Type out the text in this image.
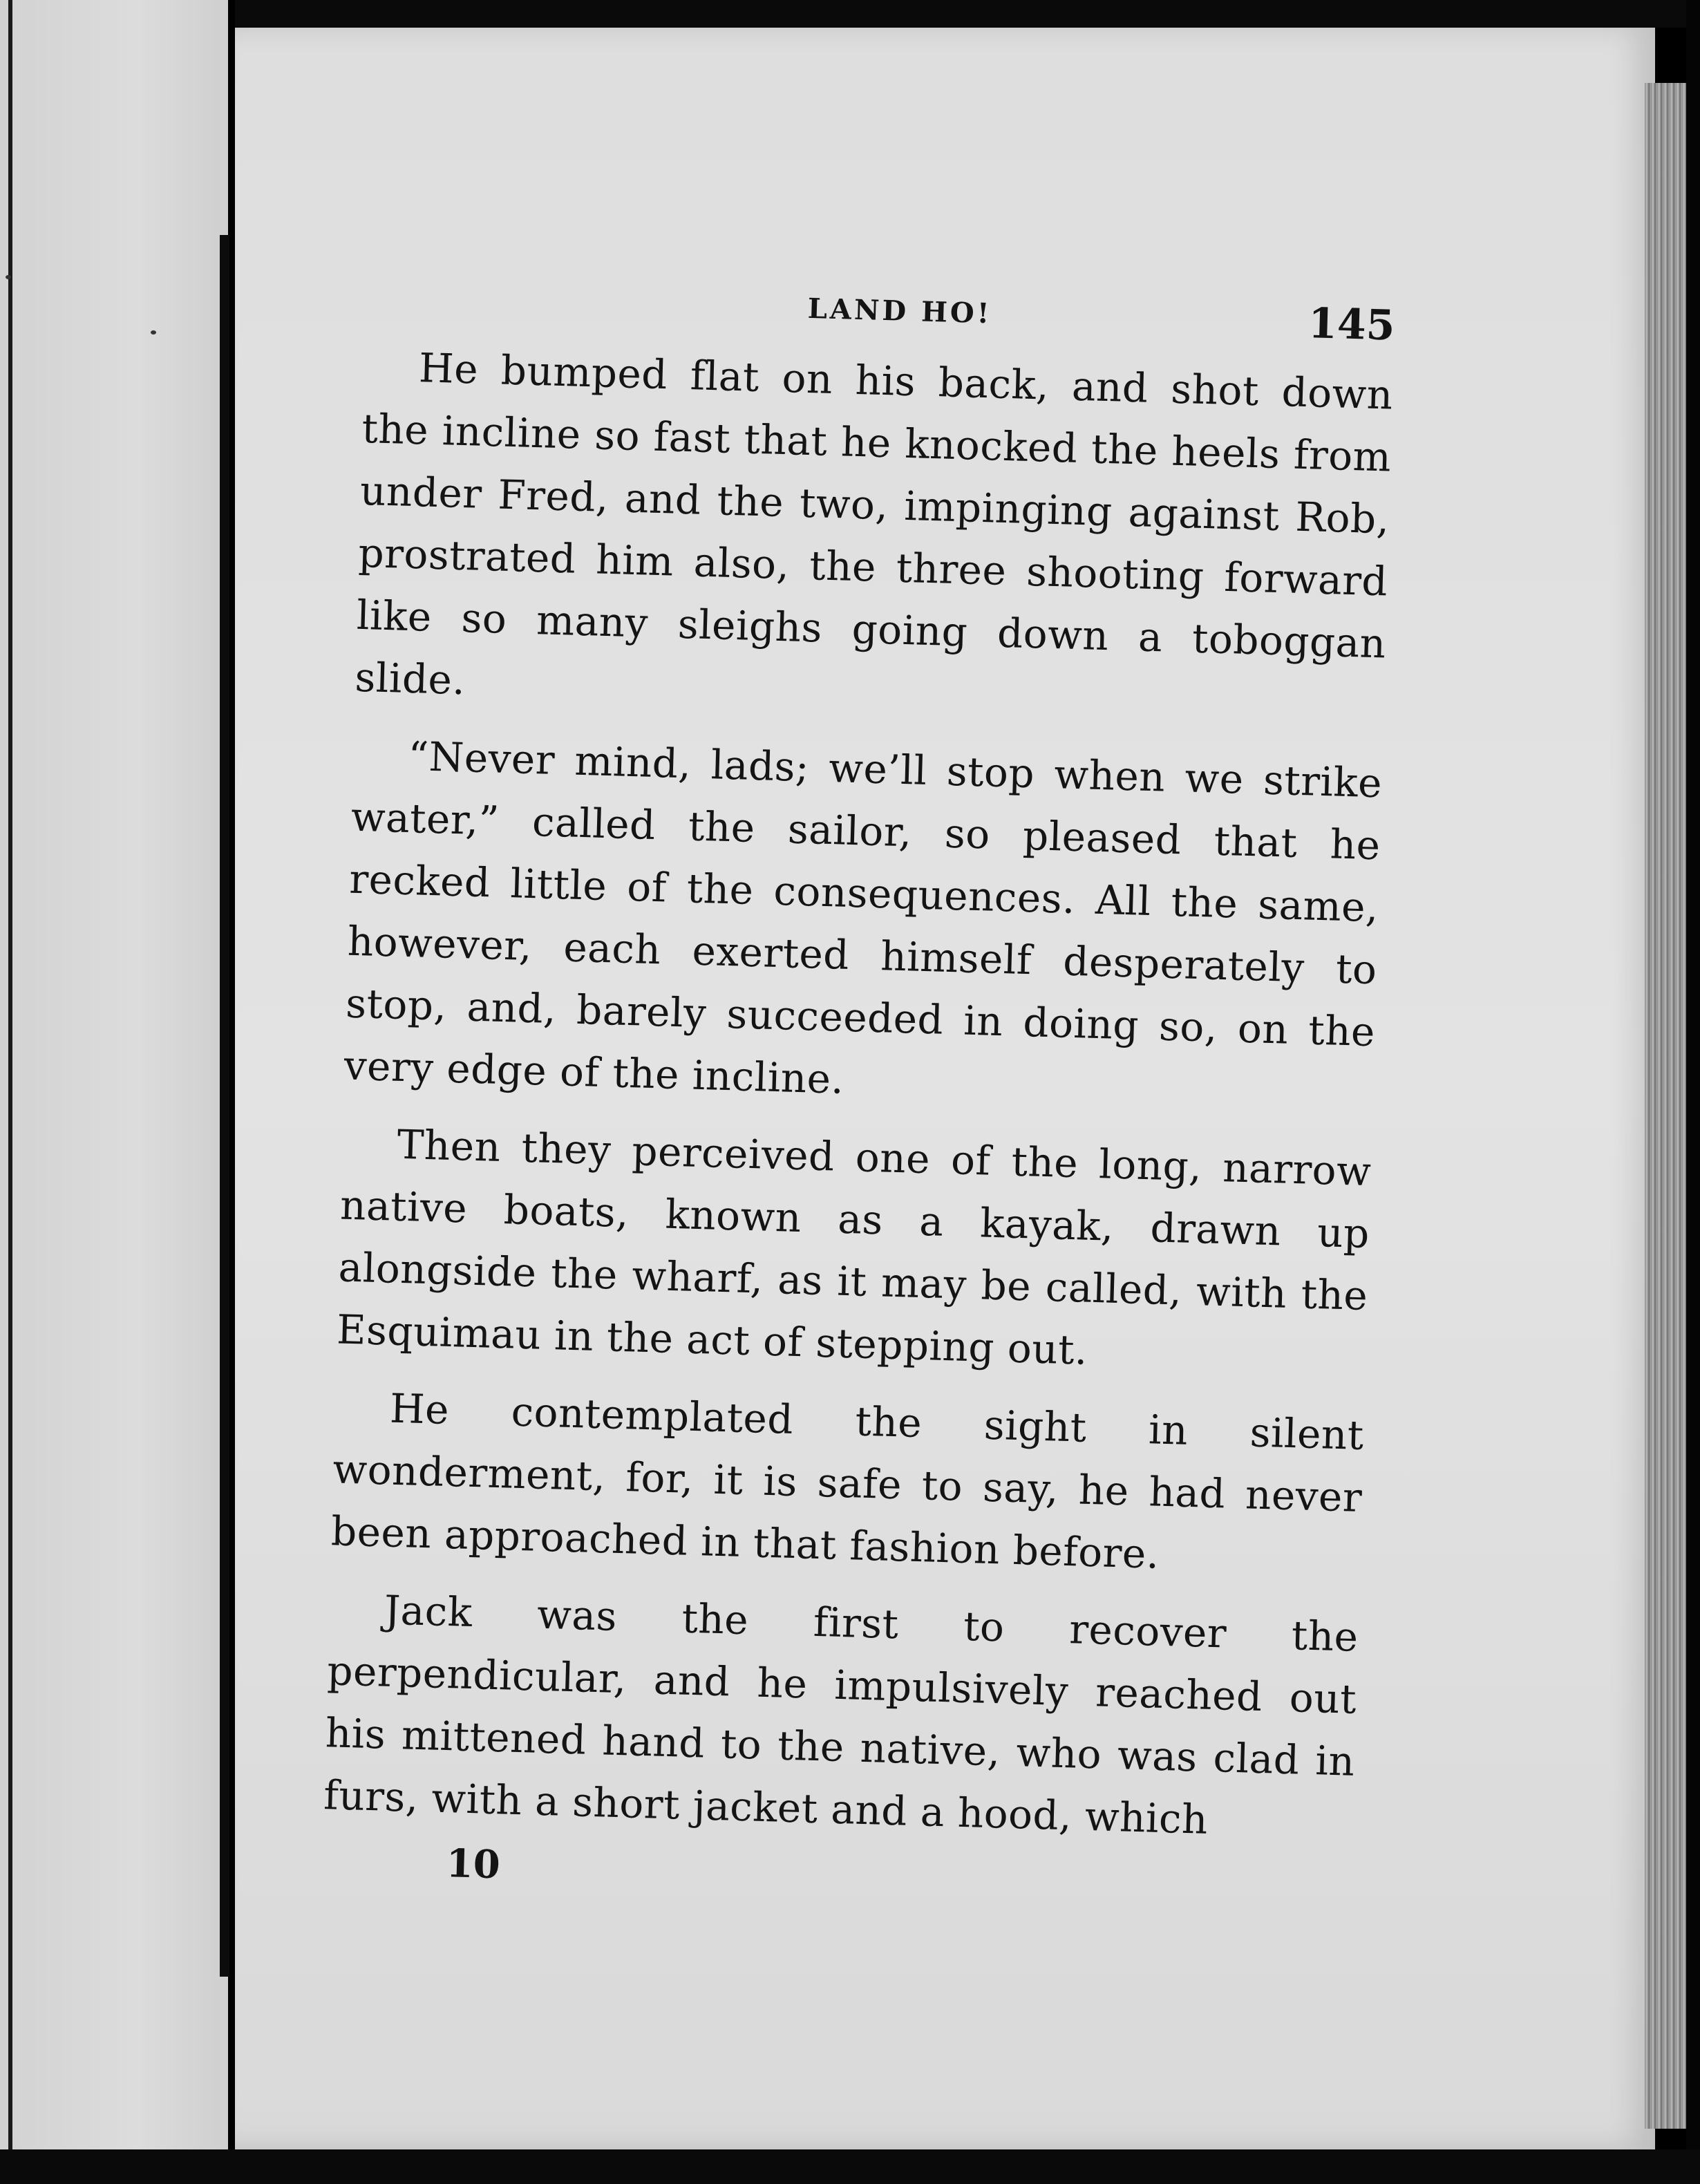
LAND HO!	145

He bumped flat on his back, and shot down the incline so fast that he knocked the heels from under Fred, and the two, impinging against Rob, prostrated him also, the three shooting forward like so many sleighs going down a toboggan slide.

“Never mind, lads; we’ll stop when we strike water,” called the sailor, so pleased that he recked little of the consequences. All the same, however, each exerted himself desperately to stop, and, barely succeeded in doing so, on the very edge of the incline.

Then they perceived one of the long, narrow native boats, known as a kayak, drawn up alongside the wharf, as it may be called, with the Esquimau in the act of stepping out.

He contemplated the sight in silent wonderment, for, it is safe to say, he had never been approached in that fashion before.

Jack was the first to recover the perpendicular, and he impulsively reached out his mittened hand to the native, who was clad in furs, with a short jacket and a hood, which

10
